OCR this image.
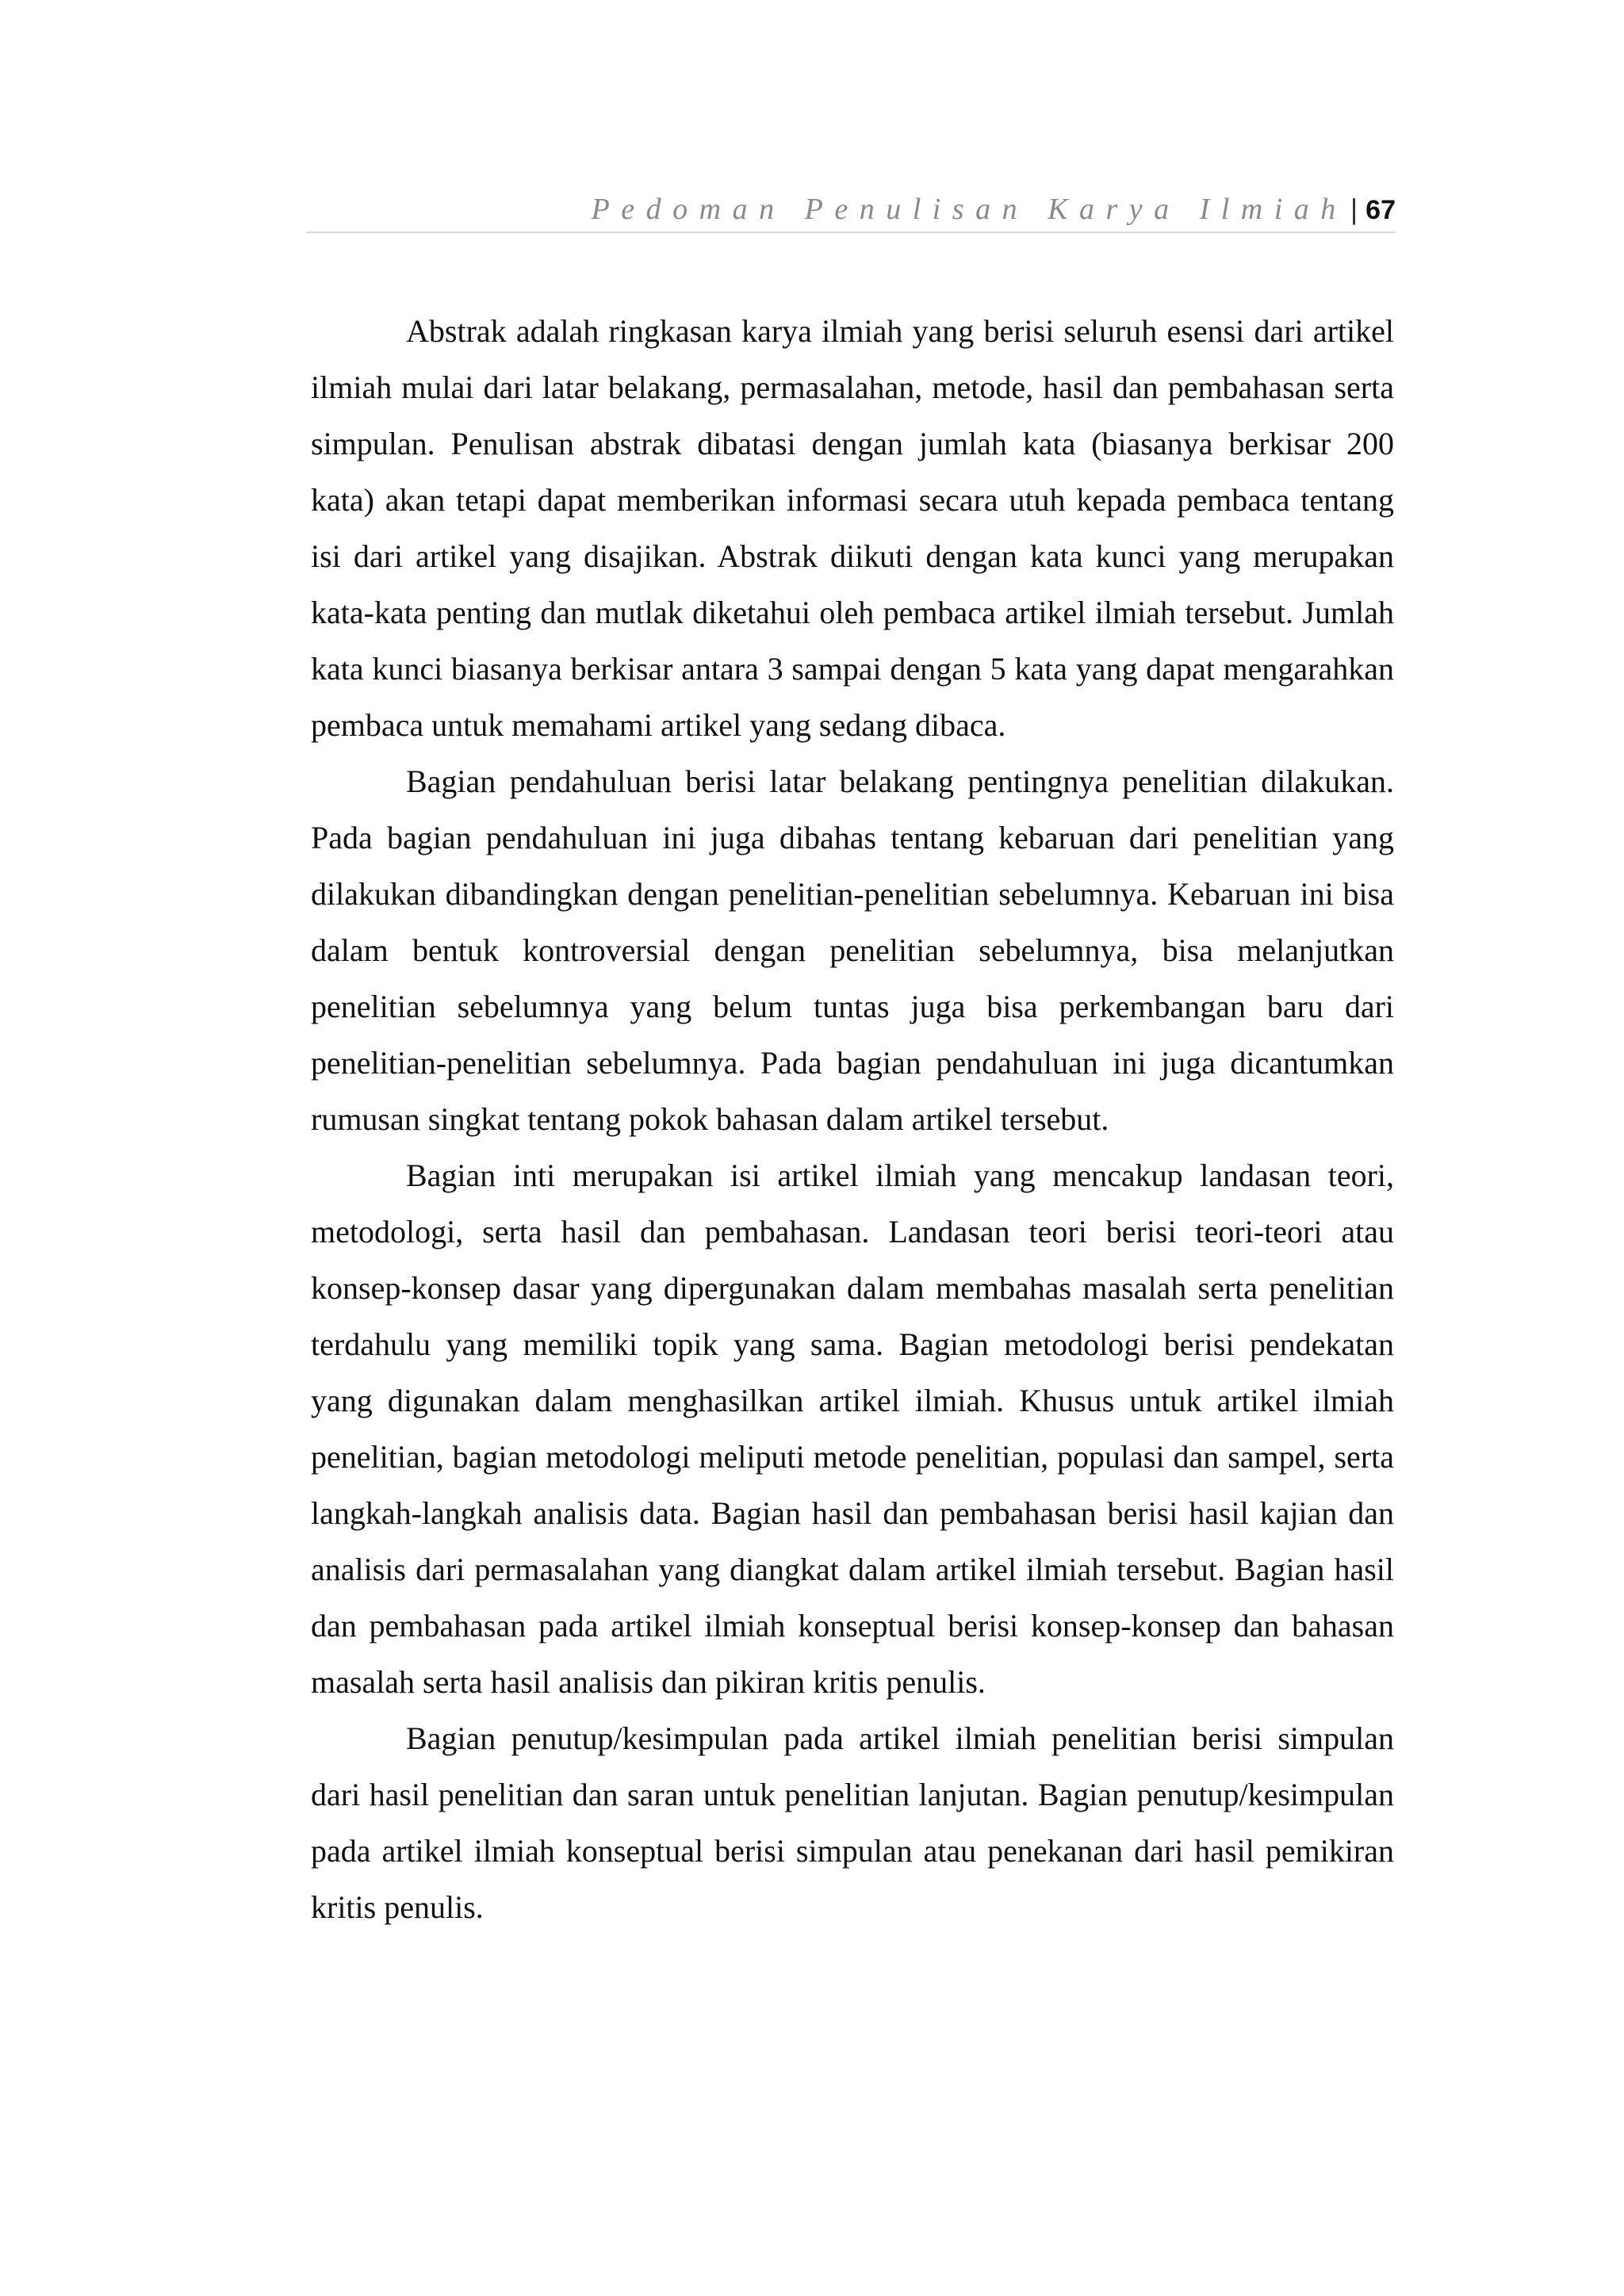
Pedoman Penulisan Karya Ilmiah | 67

Abstrak adalah ringkasan karya ilmiah yang berisi seluruh esensi dari artikel ilmiah mulai dari latar belakang, permasalahan, metode, hasil dan pembahasan serta simpulan. Penulisan abstrak dibatasi dengan jumlah kata (biasanya berkisar 200 kata) akan tetapi dapat memberikan informasi secara utuh kepada pembaca tentang isi dari artikel yang disajikan. Abstrak diikuti dengan kata kunci yang merupakan kata-kata penting dan mutlak diketahui oleh pembaca artikel ilmiah tersebut. Jumlah kata kunci biasanya berkisar antara 3 sampai dengan 5 kata yang dapat mengarahkan pembaca untuk memahami artikel yang sedang dibaca.

Bagian pendahuluan berisi latar belakang pentingnya penelitian dilakukan. Pada bagian pendahuluan ini juga dibahas tentang kebaruan dari penelitian yang dilakukan dibandingkan dengan penelitian-penelitian sebelumnya. Kebaruan ini bisa dalam bentuk kontroversial dengan penelitian sebelumnya, bisa melanjutkan penelitian sebelumnya yang belum tuntas juga bisa perkembangan baru dari penelitian-penelitian sebelumnya. Pada bagian pendahuluan ini juga dicantumkan rumusan singkat tentang pokok bahasan dalam artikel tersebut.

Bagian inti merupakan isi artikel ilmiah yang mencakup landasan teori, metodologi, serta hasil dan pembahasan. Landasan teori berisi teori-teori atau konsep-konsep dasar yang dipergunakan dalam membahas masalah serta penelitian terdahulu yang memiliki topik yang sama. Bagian metodologi berisi pendekatan yang digunakan dalam menghasilkan artikel ilmiah. Khusus untuk artikel ilmiah penelitian, bagian metodologi meliputi metode penelitian, populasi dan sampel, serta langkah-langkah analisis data. Bagian hasil dan pembahasan berisi hasil kajian dan analisis dari permasalahan yang diangkat dalam artikel ilmiah tersebut. Bagian hasil dan pembahasan pada artikel ilmiah konseptual berisi konsep-konsep dan bahasan masalah serta hasil analisis dan pikiran kritis penulis.

Bagian penutup/kesimpulan pada artikel ilmiah penelitian berisi simpulan dari hasil penelitian dan saran untuk penelitian lanjutan. Bagian penutup/kesimpulan pada artikel ilmiah konseptual berisi simpulan atau penekanan dari hasil pemikiran kritis penulis.
